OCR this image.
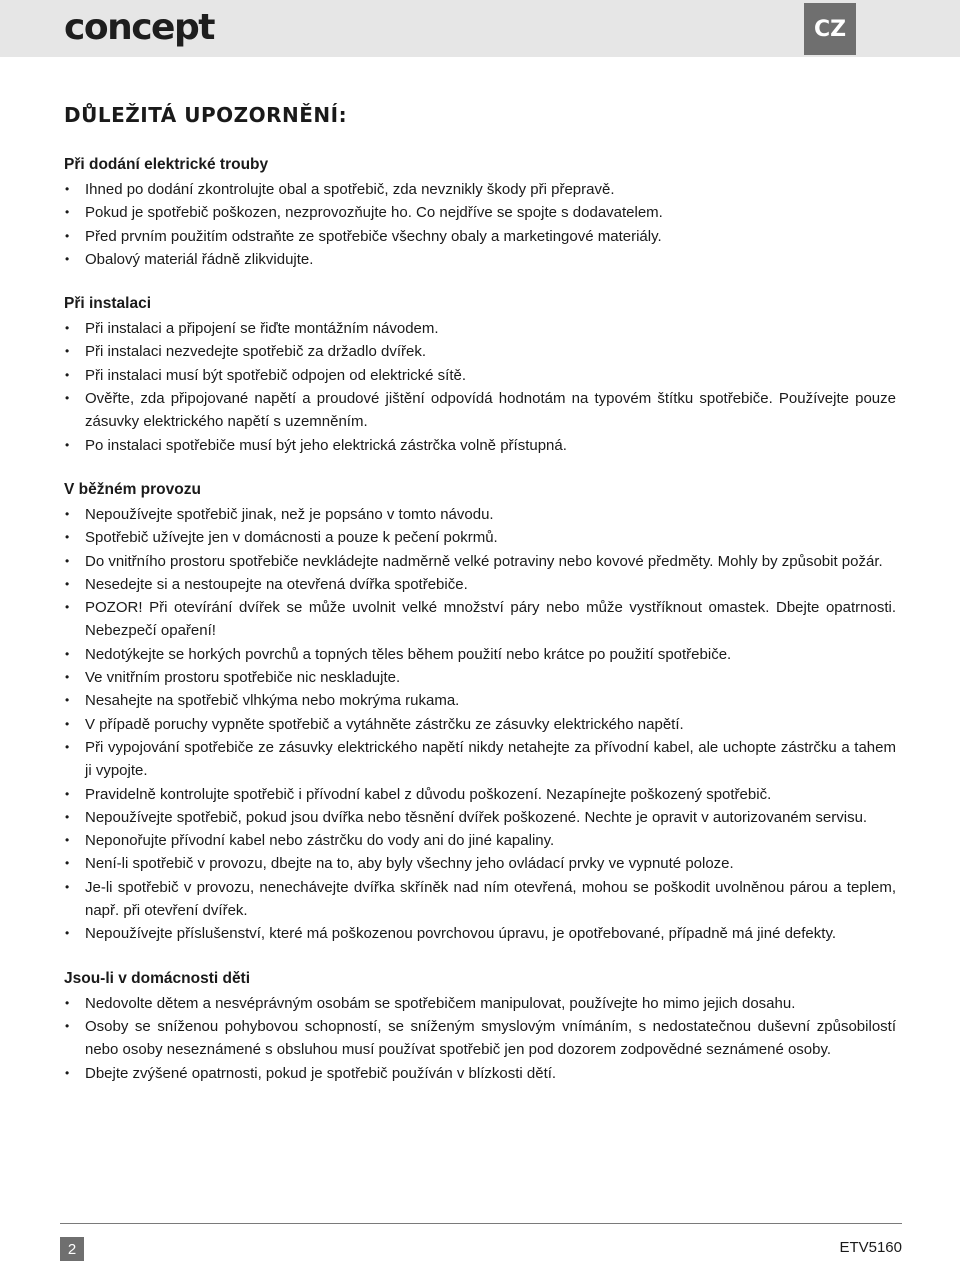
concept	CZ
DŮLEŽITÁ UPOZORNĚNÍ:
Při dodání elektrické trouby
• Ihned po dodání zkontrolujte obal a spotřebič, zda nevznikly škody při přepravě.
• Pokud je spotřebič poškozen, nezprovozňujte ho. Co nejdříve se spojte s dodavatelem.
• Před prvním použitím odstraňte ze spotřebiče všechny obaly a marketingové materiály.
• Obalový materiál řádně zlikvidujte.
Při instalaci
• Při instalaci a připojení se řiďte montážním návodem.
• Při instalaci nezvedejte spotřebič za držadlo dvířek.
• Při instalaci musí být spotřebič odpojen od elektrické sítě.
• Ověřte, zda připojované napětí a proudové jištění odpovídá hodnotám na typovém štítku spotřebiče. Používejte pouze zásuvky elektrického napětí s uzemněním.
• Po instalaci spotřebiče musí být jeho elektrická zástrčka volně přístupná.
V běžném provozu
• Nepoužívejte spotřebič jinak, než je popsáno v tomto návodu.
• Spotřebič užívejte jen v domácnosti a pouze k pečení pokrmů.
• Do vnitřního prostoru spotřebiče nevkládejte nadměrně velké potraviny nebo kovové předměty. Mohly by způsobit požár.
• Nesedejte si a nestoupejte na otevřená dvířka spotřebiče.
• POZOR! Při otevírání dvířek se může uvolnit velké množství páry nebo může vystříknout omastek. Dbejte opatrnosti. Nebezpečí opaření!
• Nedotýkejte se horkých povrchů a topných těles během použití nebo krátce po použití spotřebiče.
• Ve vnitřním prostoru spotřebiče nic neskladujte.
• Nesahejte na spotřebič vlhkýma nebo mokrýma rukama.
• V případě poruchy vypněte spotřebič a vytáhněte zástrčku ze zásuvky elektrického napětí.
• Při vypojování spotřebiče ze zásuvky elektrického napětí nikdy netahejte za přívodní kabel, ale uchopte zástrčku a tahem ji vypojte.
• Pravidelně kontrolujte spotřebič i přívodní kabel z důvodu poškození. Nezapínejte poškozený spotřebič.
• Nepoužívejte spotřebič, pokud jsou dvířka nebo těsnění dvířek poškozené. Nechte je opravit v autorizovaném servisu.
• Neponořujte přívodní kabel nebo zástrčku do vody ani do jiné kapaliny.
• Není-li spotřebič v provozu, dbejte na to, aby byly všechny jeho ovládací prvky ve vypnuté poloze.
• Je-li spotřebič v provozu, nenechávejte dvířka skříněk nad ním otevřená, mohou se poškodit uvolněnou párou a teplem, např. při otevření dvířek.
• Nepoužívejte příslušenství, které má poškozenou povrchovou úpravu, je opotřebované, případně má jiné defekty.
Jsou-li v domácnosti děti
• Nedovolte dětem a nesvéprávným osobám se spotřebičem manipulovat, používejte ho mimo jejich dosahu.
• Osoby se sníženou pohybovou schopností, se sníženým smyslovým vnímáním, s nedostatečnou duševní způsobilostí nebo osoby neseznámené s obsluhou musí používat spotřebič jen pod dozorem zodpovědné seznámené osoby.
• Dbejte zvýšené opatrnosti, pokud je spotřebič používán v blízkosti dětí.
2	ETV5160
